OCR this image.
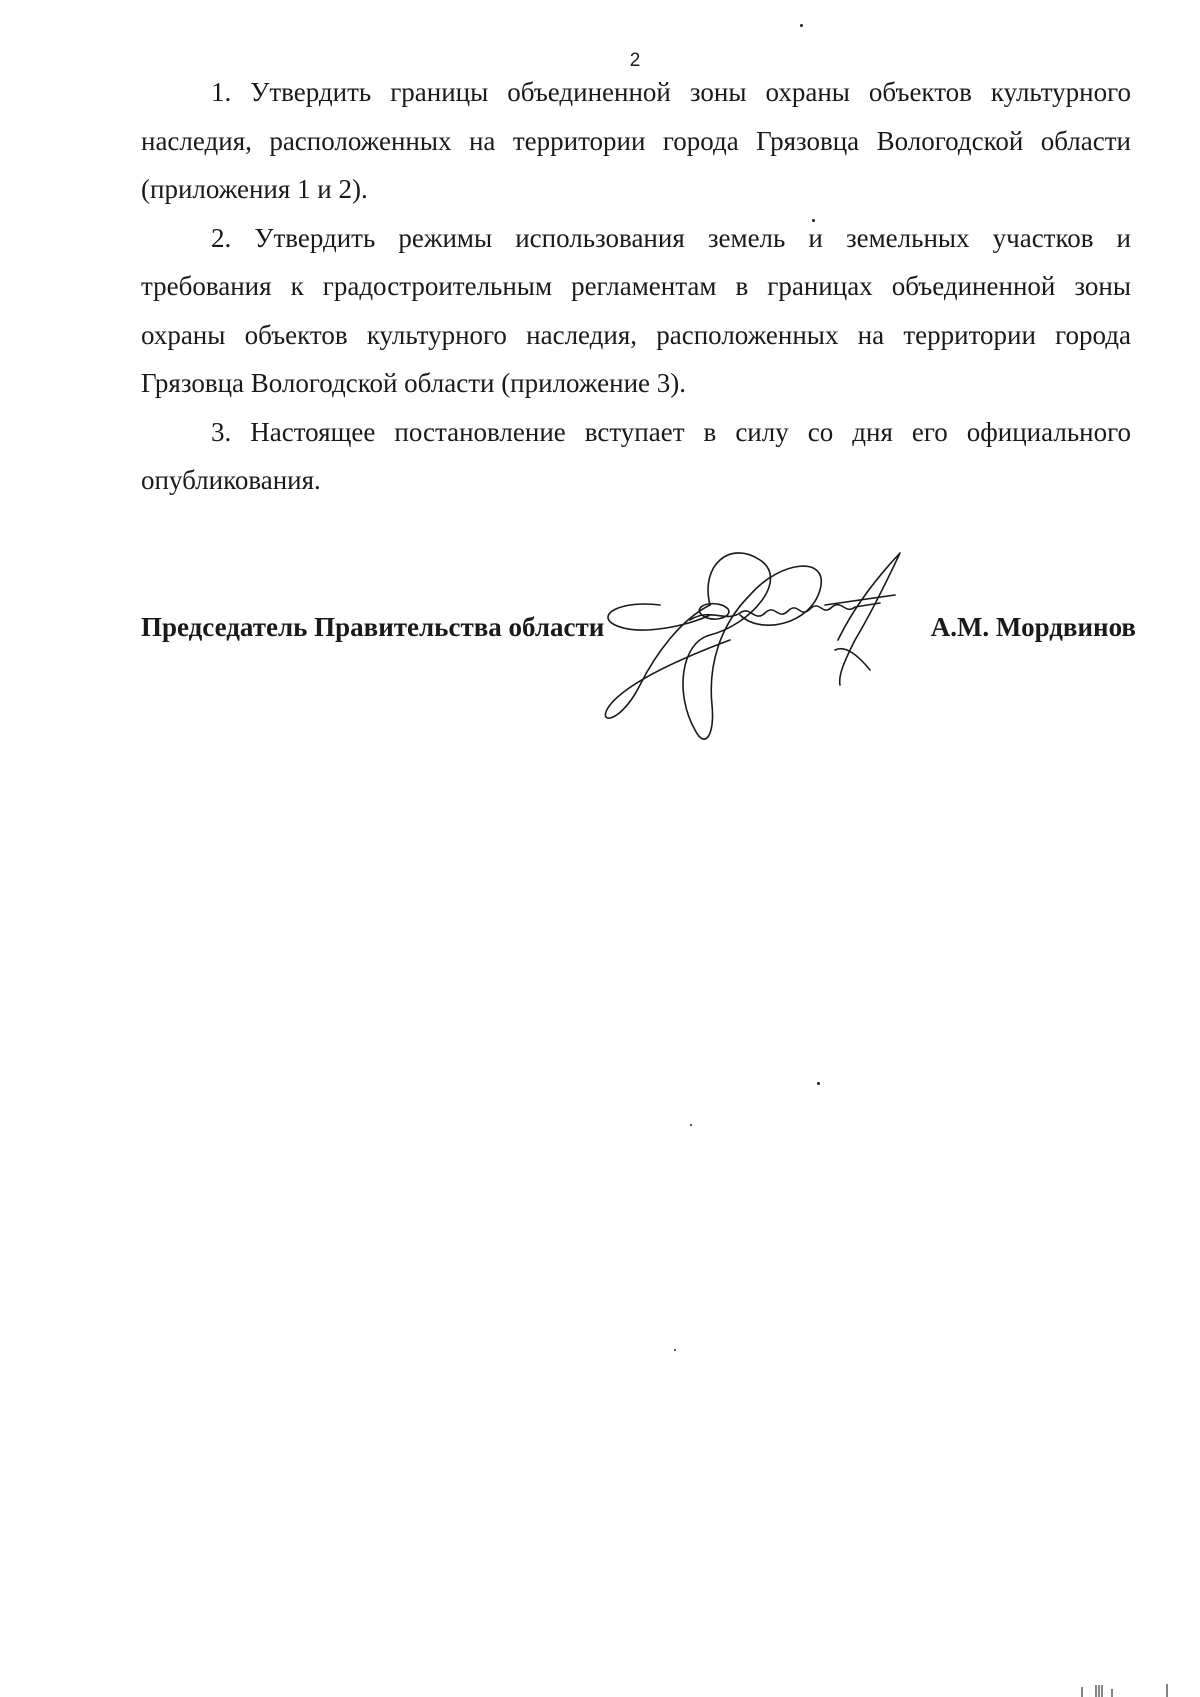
2

1. Утвердить границы объединенной зоны охраны объектов культурного наследия, расположенных на территории города Грязовца Вологодской области (приложения 1 и 2).

2. Утвердить режимы использования земель и земельных участков и требования к градостроительным регламентам в границах объединенной зоны охраны объектов культурного наследия, расположенных на территории города Грязовца Вологодской области (приложение 3).

3. Настоящее постановление вступает в силу со дня его официального опубликования.

Председатель Правительства области	А.М. Мордвинов
